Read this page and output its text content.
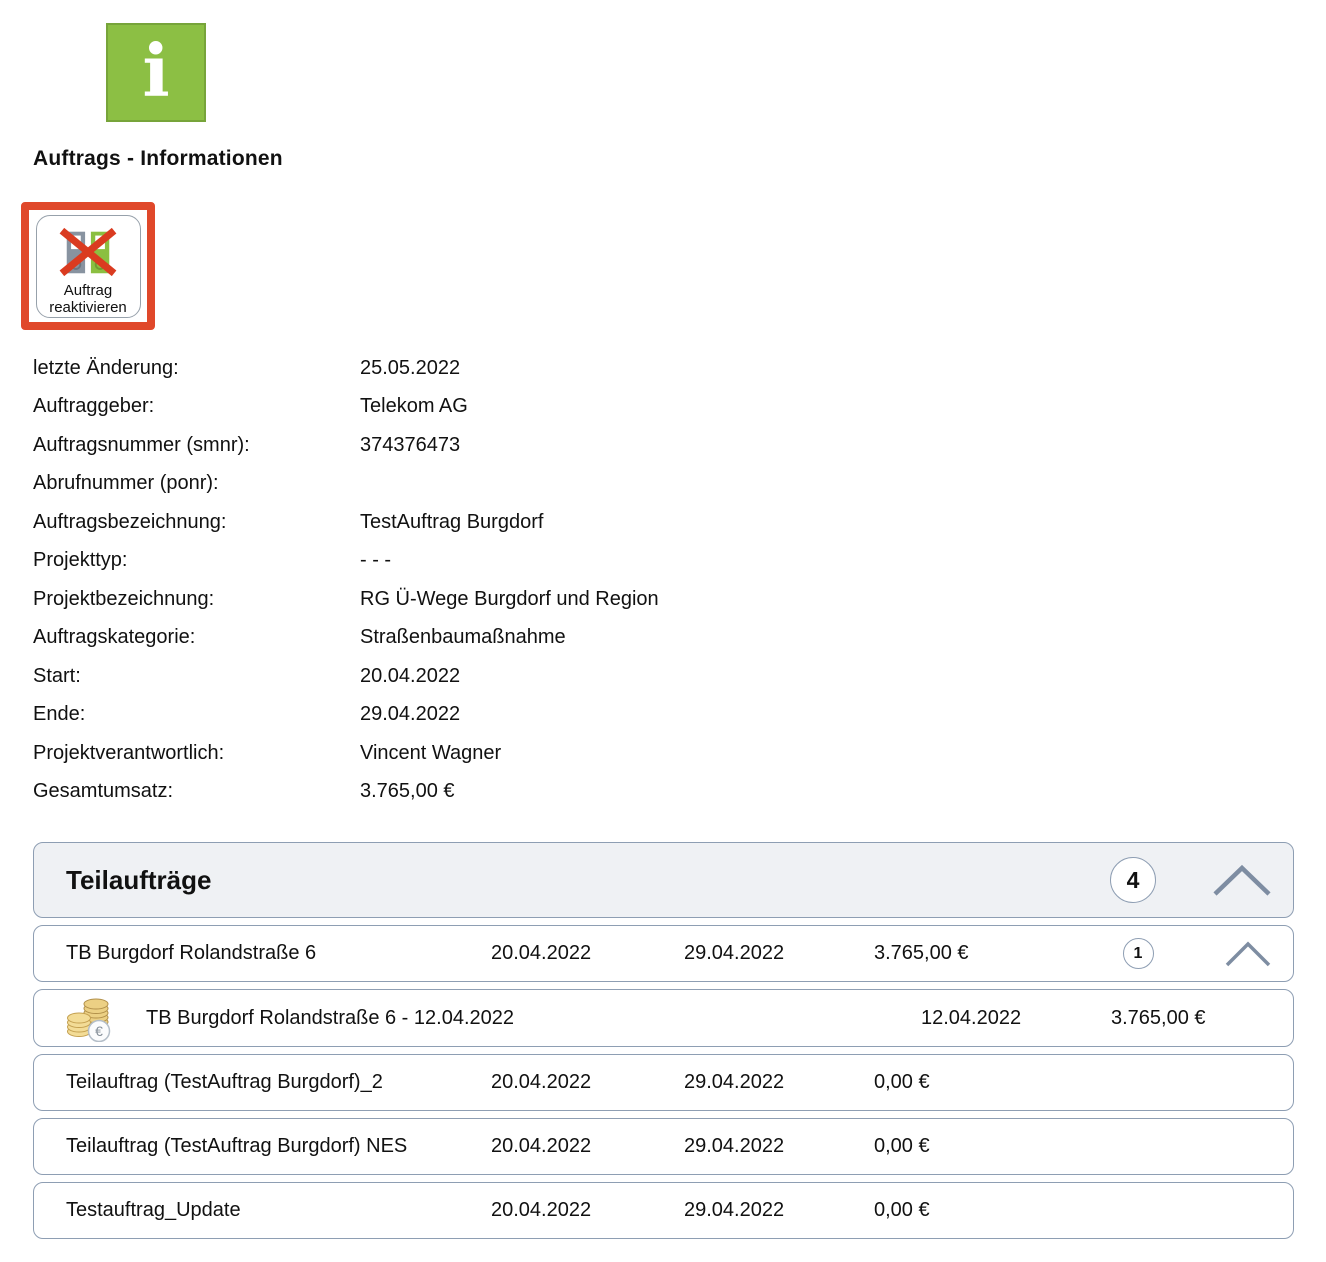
i
Auftrags - Informationen
Auftrag
reaktivieren
letzte Änderung:	25.05.2022
Auftraggeber:	Telekom AG
Auftragsnummer (smnr):	374376473
Abrufnummer (ponr):
Auftragsbezeichnung:	TestAuftrag Burgdorf
Projekttyp:	- - -
Projektbezeichnung:	RG Ü-Wege Burgdorf und Region
Auftragskategorie:	Straßenbaumaßnahme
Start:	20.04.2022
Ende:	29.04.2022
Projektverantwortlich:	Vincent Wagner
Gesamtumsatz:	3.765,00 €
Teilaufträge	4
TB Burgdorf Rolandstraße 6	20.04.2022	29.04.2022	3.765,00 €	1
€
TB Burgdorf Rolandstraße 6 - 12.04.2022	12.04.2022	3.765,00 €
Teilauftrag (TestAuftrag Burgdorf)_2	20.04.2022	29.04.2022	0,00 €
Teilauftrag (TestAuftrag Burgdorf) NES	20.04.2022	29.04.2022	0,00 €
Testauftrag_Update	20.04.2022	29.04.2022	0,00 €
